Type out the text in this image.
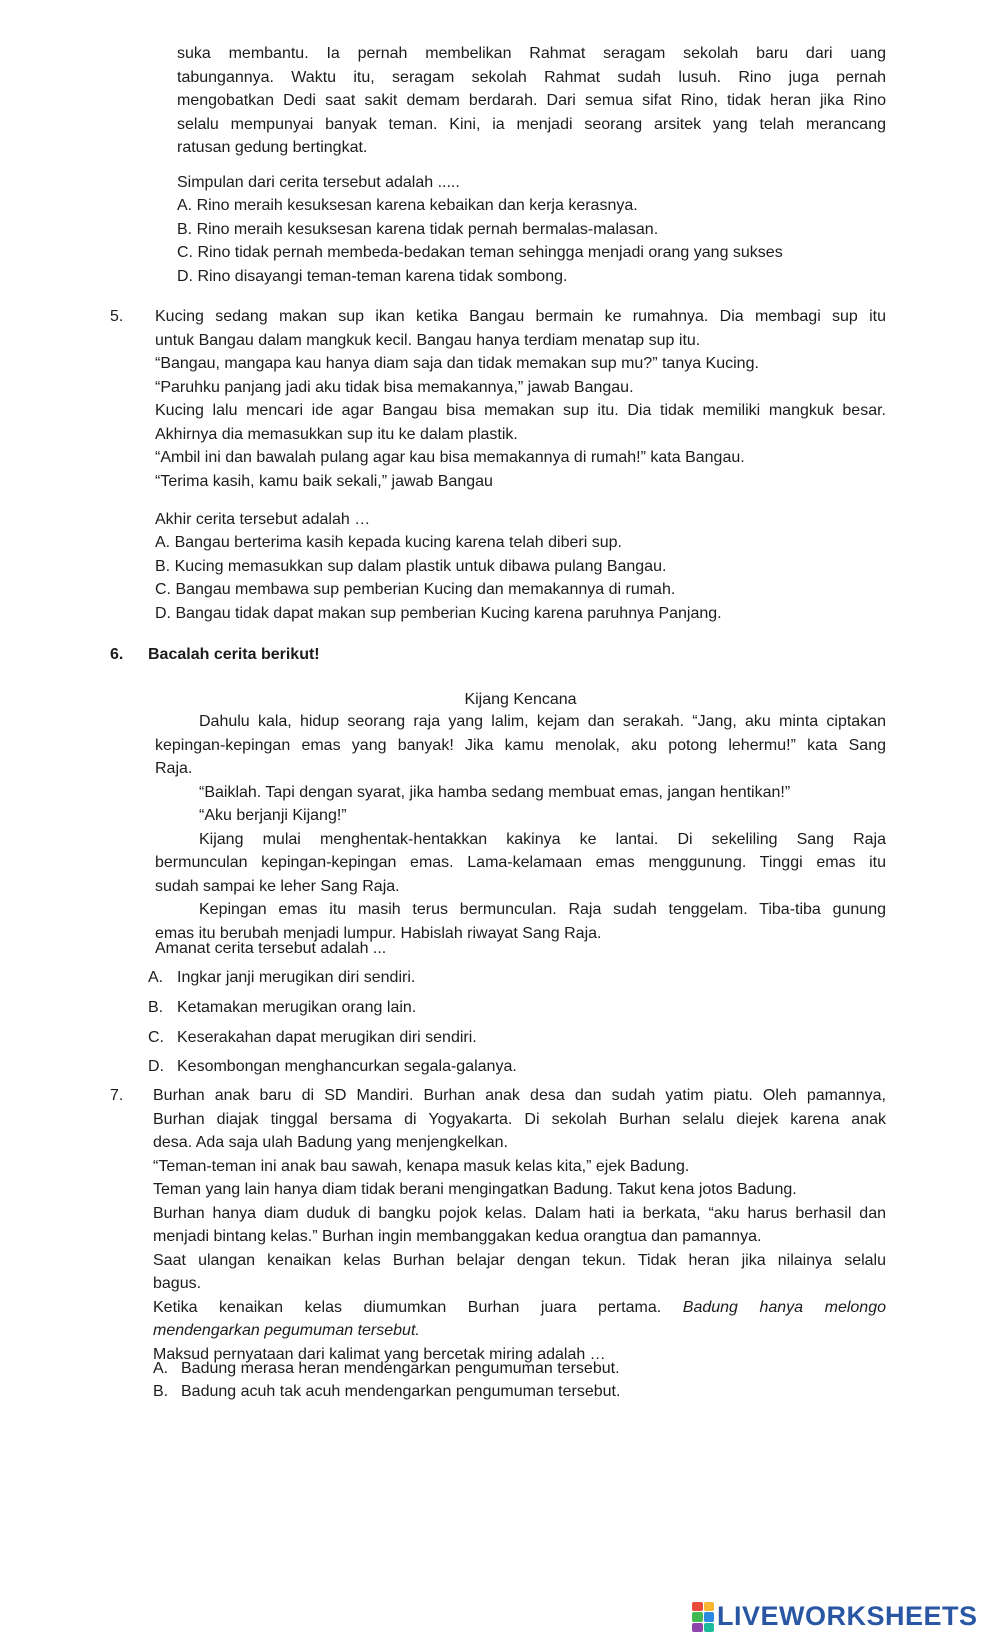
suka membantu. Ia pernah membelikan Rahmat seragam sekolah baru dari uang
tabungannya. Waktu itu, seragam sekolah Rahmat sudah lusuh. Rino juga pernah
mengobatkan Dedi saat sakit demam berdarah. Dari semua sifat Rino, tidak heran jika Rino
selalu mempunyai banyak teman. Kini, ia menjadi seorang arsitek yang telah merancang
ratusan gedung bertingkat.
Simpulan dari cerita tersebut adalah .....
A. Rino meraih kesuksesan karena kebaikan dan kerja kerasnya.
B. Rino meraih kesuksesan karena tidak pernah bermalas-malasan.
C. Rino tidak pernah membeda-bedakan teman sehingga menjadi orang yang sukses
D. Rino disayangi teman-teman karena tidak sombong.
5. Kucing sedang makan sup ikan ketika Bangau bermain ke rumahnya. Dia membagi sup itu
untuk Bangau dalam mangkuk kecil. Bangau hanya terdiam menatap sup itu.
“Bangau, mangapa kau hanya diam saja dan tidak memakan sup mu?” tanya Kucing.
“Paruhku panjang jadi aku tidak bisa memakannya,” jawab Bangau.
Kucing lalu mencari ide agar Bangau bisa memakan sup itu. Dia tidak memiliki mangkuk besar.
Akhirnya dia memasukkan sup itu ke dalam plastik.
“Ambil ini dan bawalah pulang agar kau bisa memakannya di rumah!” kata Bangau.
“Terima kasih, kamu baik sekali,” jawab Bangau
Akhir cerita tersebut adalah …
A. Bangau berterima kasih kepada kucing karena telah diberi sup.
B. Kucing memasukkan sup dalam plastik untuk dibawa pulang Bangau.
C. Bangau membawa sup pemberian Kucing dan memakannya di rumah.
D. Bangau tidak dapat makan sup pemberian Kucing karena paruhnya Panjang.
6. Bacalah cerita berikut!
Kijang Kencana
Dahulu kala, hidup seorang raja yang lalim, kejam dan serakah. “Jang, aku minta ciptakan
kepingan-kepingan emas yang banyak! Jika kamu menolak, aku potong lehermu!” kata Sang
Raja.
“Baiklah. Tapi dengan syarat, jika hamba sedang membuat emas, jangan hentikan!”
“Aku berjanji Kijang!”
Kijang mulai menghentak-hentakkan kakinya ke lantai. Di sekeliling Sang Raja
bermunculan kepingan-kepingan emas. Lama-kelamaan emas menggunung. Tinggi emas itu
sudah sampai ke leher Sang Raja.
Kepingan emas itu masih terus bermunculan. Raja sudah tenggelam. Tiba-tiba gunung
emas itu berubah menjadi lumpur. Habislah riwayat Sang Raja.
Amanat cerita tersebut adalah ...
A. Ingkar janji merugikan diri sendiri.
B. Ketamakan merugikan orang lain.
C. Keserakahan dapat merugikan diri sendiri.
D. Kesombongan menghancurkan segala-galanya.
7. Burhan anak baru di SD Mandiri. Burhan anak desa dan sudah yatim piatu. Oleh pamannya,
Burhan diajak tinggal bersama di Yogyakarta. Di sekolah Burhan selalu diejek karena anak
desa. Ada saja ulah Badung yang menjengkelkan.
“Teman-teman ini anak bau sawah, kenapa masuk kelas kita,” ejek Badung.
Teman yang lain hanya diam tidak berani mengingatkan Badung. Takut kena jotos Badung.
Burhan hanya diam duduk di bangku pojok kelas. Dalam hati ia berkata, “aku harus berhasil dan
menjadi bintang kelas.” Burhan ingin membanggakan kedua orangtua dan pamannya.
Saat ulangan kenaikan kelas Burhan belajar dengan tekun. Tidak heran jika nilainya selalu
bagus.
Ketika kenaikan kelas diumumkan Burhan juara pertama. Badung hanya melongo
mendengarkan pegumuman tersebut.
Maksud pernyataan dari kalimat yang bercetak miring adalah …
A. Badung merasa heran mendengarkan pengumuman tersebut.
B. Badung acuh tak acuh mendengarkan pengumuman tersebut.
LIVEWORKSHEETS
